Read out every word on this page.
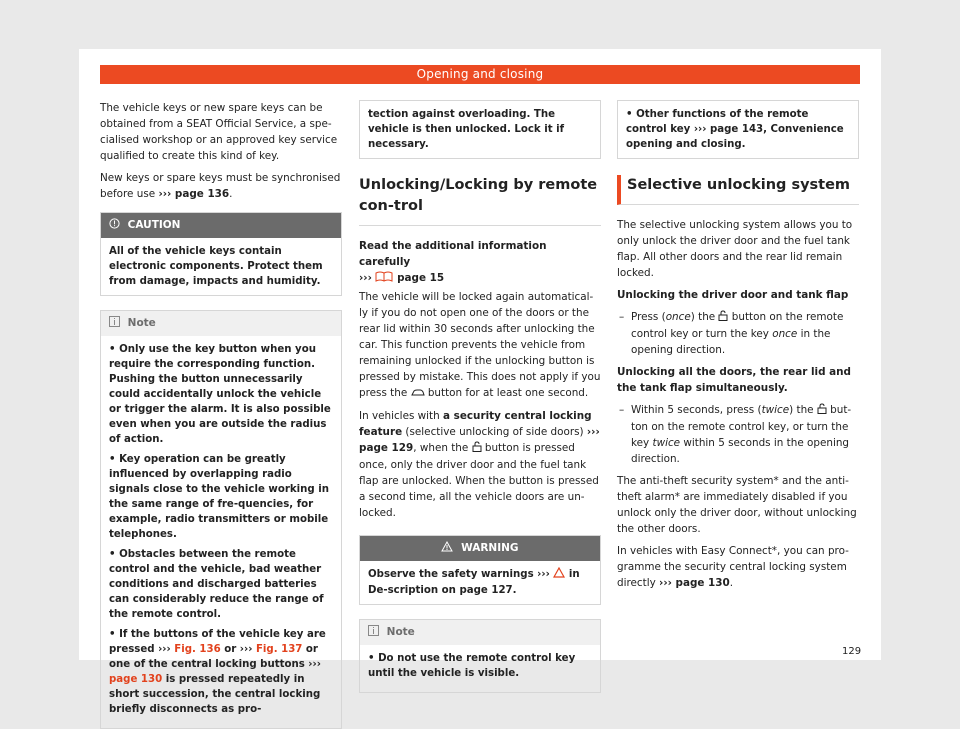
Opening and closing

The vehicle keys or new spare keys can be obtained from a SEAT Official Service, a spe-cialised workshop or an approved key service qualified to create this kind of key.

New keys or spare keys must be synchronised before use ››› page 136.

CAUTION
All of the vehicle keys contain electronic components. Protect them from damage, impacts and humidity.
Note

• Only use the key button when you require the corresponding function. Pushing the button unnecessarily could accidentally unlock the vehicle or trigger the alarm. It is also possible even when you are outside the radius of action.

• Key operation can be greatly influenced by overlapping radio signals close to the vehicle working in the same range of fre-quencies, for example, radio transmitters or mobile telephones.

• Obstacles between the remote control and the vehicle, bad weather conditions and discharged batteries can considerably reduce the range of the remote control.

• If the buttons of the vehicle key are pressed ››› Fig. 136 or ››› Fig. 137 or one of the central locking buttons ››› page 130 is pressed repeatedly in short succession, the central locking briefly disconnects as pro-

tection against overloading. The vehicle is then unlocked. Lock it if necessary.
Unlocking/Locking by remote con-trol

Read the additional information carefully
›››  page 15

The vehicle will be locked again automatical-ly if you do not open one of the doors or the rear lid within 30 seconds after unlocking the car. This function prevents the vehicle from remaining unlocked if the unlocking button is pressed by mistake. This does not apply if you press the  button for at least one second.

In vehicles with a security central locking feature (selective unlocking of side doors) ››› page 129, when the  button is pressed once, only the driver door and the fuel tank flap are unlocked. When the button is pressed a second time, all the vehicle doors are un-locked.

WARNING
Observe the safety warnings ›››  in De-scription on page 127.
Note

• Do not use the remote control key until the vehicle is visible.

• Other functions of the remote control key ››› page 143, Convenience opening and closing.
Selective unlocking system

The selective unlocking system allows you to only unlock the driver door and the fuel tank flap. All other doors and the rear lid remain locked.

Unlocking the driver door and tank flap

– Press (once) the  button on the remote control key or turn the key once in the opening direction.

Unlocking all the doors, the rear lid and the tank flap simultaneously.

– Within 5 seconds, press (twice) the  but-ton on the remote control key, or turn the key twice within 5 seconds in the opening direction.

The anti-theft security system* and the anti-theft alarm* are immediately disabled if you unlock only the driver door, without unlocking the other doors.

In vehicles with Easy Connect*, you can pro-gramme the security central locking system directly ››› page 130.

129
